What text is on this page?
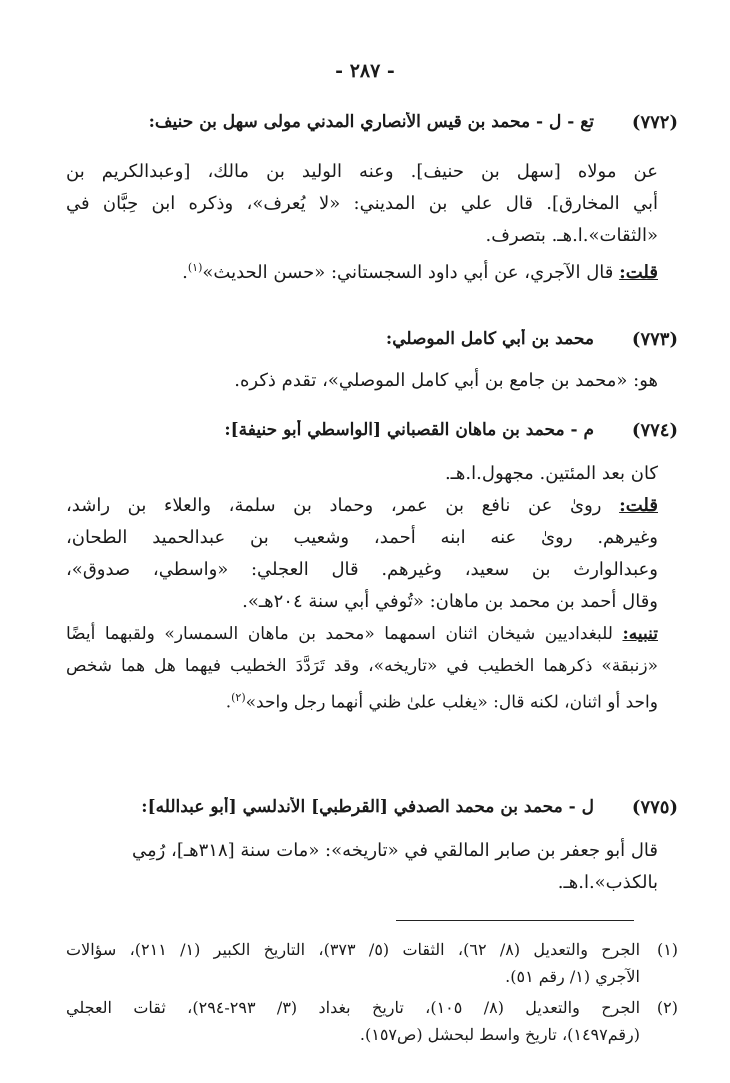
- ٢٨٧ -
(٧٧٢)
تع - ل - محمد بن قيس الأنصاري المدني مولى سهل بن حنيف:
عن مولاه [سهل بن حنيف]. وعنه الوليد بن مالك، [وعبدالكريم بن
أبي المخارق]. قال علي بن المديني: «لا يُعرف»، وذكره ابن حِبَّان في
«الثقات».ا.هـ. بتصرف.
قلت: قال الآجري، عن أبي داود السجستاني: «حسن الحديث»$^{(١)}$.
(٧٧٣)
محمد بن أبي كامل الموصلي:
هو: «محمد بن جامع بن أبي كامل الموصلي»، تقدم ذكره.
(٧٧٤)
م - محمد بن ماهان القصباني [الواسطي أبو حنيفة]:
كان بعد المئتين. مجهول.ا.هـ.
قلت: روىٰ عن نافع بن عمر، وحماد بن سلمة، والعلاء بن راشد،
وغيرهم. روىٰ عنه ابنه أحمد، وشعيب بن عبدالحميد الطحان،
وعبدالوارث بن سعيد، وغيرهم. قال العجلي: «واسطي، صدوق»،
وقال أحمد بن محمد بن ماهان: «تُوفي أبي سنة ٢٠٤هـ».
تنبيه: للبغداديين شيخان اثنان اسمهما «محمد بن ماهان السمسار» ولقبهما أيضًا
«زنبقة» ذكرهما الخطيب في «تاريخه»، وقد تَرَدَّدَ الخطيب فيهما هل هما شخص
واحد أو اثنان، لكنه قال: «يغلب علىٰ ظني أنهما رجل واحد»$^{(٢)}$.
(٧٧٥)
ل - محمد بن محمد الصدفي [القرطبي] الأندلسي [أبو عبدالله]:
قال أبو جعفر بن صابر المالقي في «تاريخه»: «مات سنة [٣١٨هـ]، رُمِي
بالكذب».ا.هـ.
(١)الجرح والتعديل (٨/ ٦٢)، الثقات (٥/ ٣٧٣)، التاريخ الكبير (١/ ٢١١)، سؤالات
الآجري (١/ رقم ٥١).
(٢)الجرح والتعديل (٨/ ١٠٥)، تاريخ بغداد (٣/ ٢٩٣-٢٩٤)، ثقات العجلي
(رقم١٤٩٧)، تاريخ واسط لبحشل (ص١٥٧).
